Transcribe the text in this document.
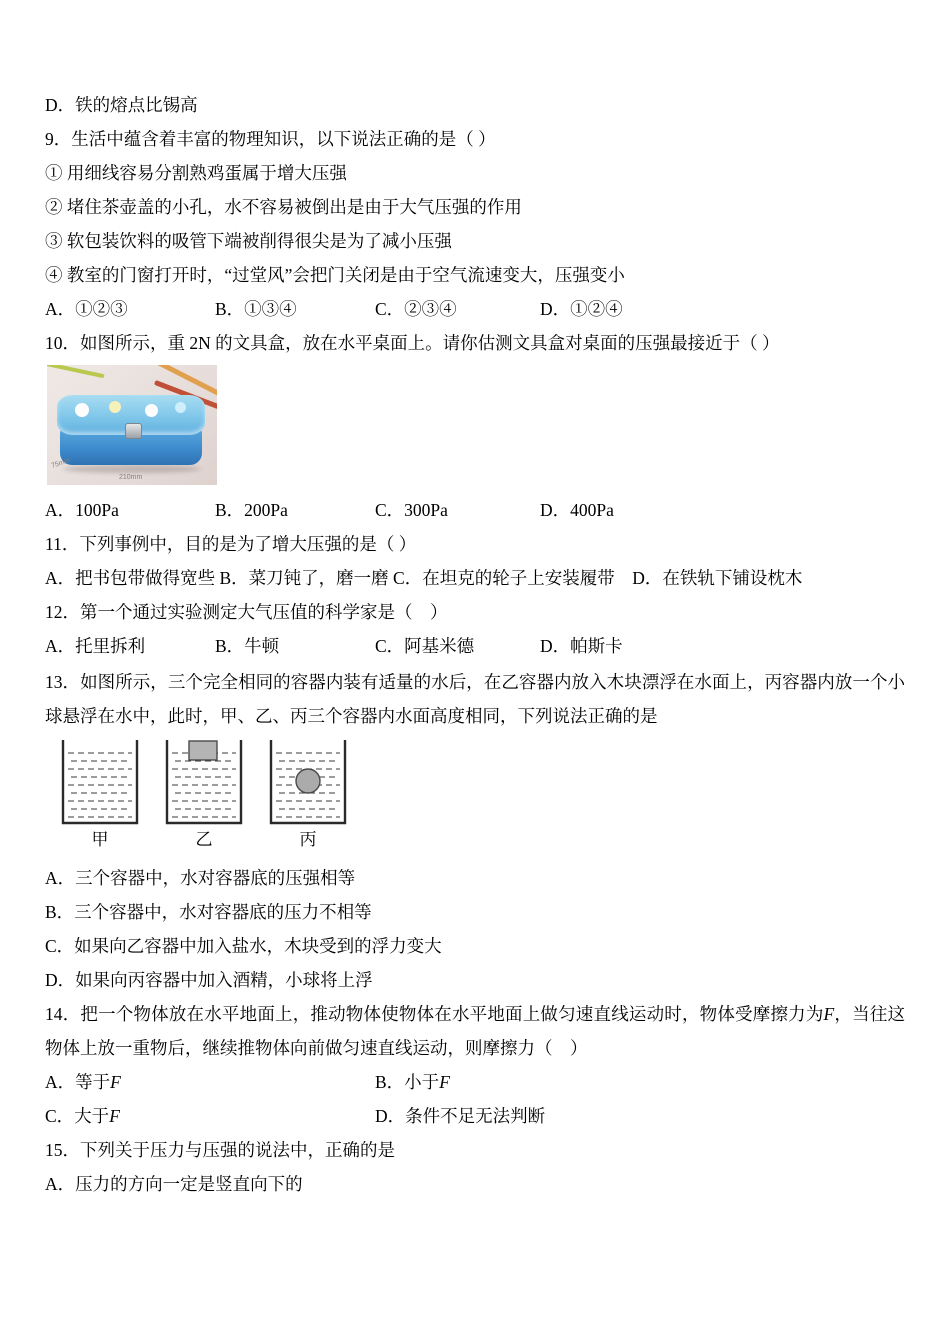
D．铁的熔点比锡高
9．生活中蕴含着丰富的物理知识，以下说法正确的是（ ）
① 用细线容易分割熟鸡蛋属于增大压强
② 堵住茶壶盖的小孔，水不容易被倒出是由于大气压强的作用
③ 软包装饮料的吸管下端被削得很尖是为了减小压强
④ 教室的门窗打开时，“过堂风”会把门关闭是由于空气流速变大，压强变小
A．①②③	B．①③④	C．②③④	D．①②④
10．如图所示，重 2N 的文具盒，放在水平桌面上。请你估测文具盒对桌面的压强最接近于（ ）
75mm
210mm
A．100Pa	B．200Pa	C．300Pa	D．400Pa
11．下列事例中，目的是为了增大压强的是（ ）
A．把书包带做得宽些 B．菜刀钝了，磨一磨 C．在坦克的轮子上安装履带　D．在铁轨下铺设枕木
12．第一个通过实验测定大气压值的科学家是（　）
A．托里拆利	B．牛顿	C．阿基米德	D．帕斯卡
13．如图所示，三个完全相同的容器内装有适量的水后，在乙容器内放入木块漂浮在水面上，丙容器内放一个小球悬浮在水中，此时，甲、乙、丙三个容器内水面高度相同，下列说法正确的是
甲	乙	丙
A．三个容器中，水对容器底的压强相等
B．三个容器中，水对容器底的压力不相等
C．如果向乙容器中加入盐水，木块受到的浮力变大
D．如果向丙容器中加入酒精，小球将上浮
14．把一个物体放在水平地面上，推动物体使物体在水平地面上做匀速直线运动时，物体受摩擦力为F，当往这物体上放一重物后，继续推物体向前做匀速直线运动，则摩擦力（　）
A．等于F	B．小于F
C．大于F	D．条件不足无法判断
15．下列关于压力与压强的说法中，正确的是
A．压力的方向一定是竖直向下的
